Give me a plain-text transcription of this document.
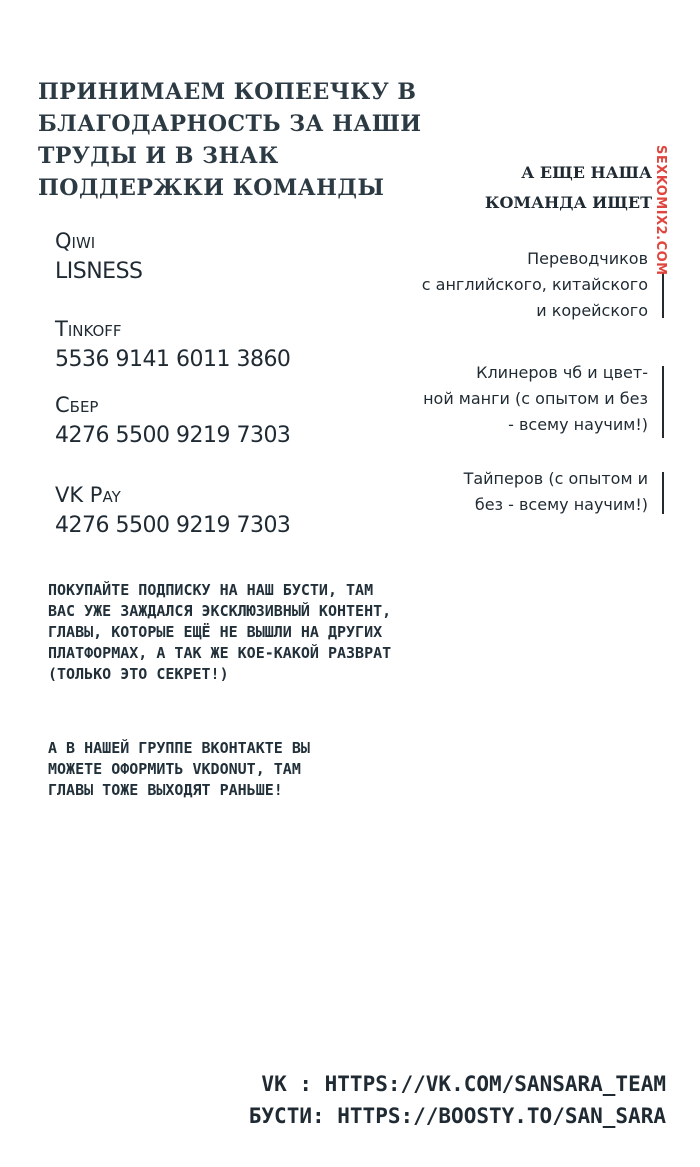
ПРИНИМАЕМ КОПЕЕЧКУ В БЛАГОДАРНОСТЬ ЗА НАШИ ТРУДЫ И В ЗНАК ПОДДЕРЖКИ КОМАНДЫ
Qiwi
LISNESS
Tinkoff
5536 9141 6011 3860
Сбер
4276 5500 9219 7303
VK Pay
4276 5500 9219 7303

ПОКУПАЙТЕ ПОДПИСКУ НА НАШ БУСТИ, ТАМ ВАС УЖЕ ЗАЖДАЛСЯ ЭКСКЛЮЗИВНЫЙ КОНТЕНТ, ГЛАВЫ, КОТОРЫЕ ЕЩЁ НЕ ВЫШЛИ НА ДРУГИХ ПЛАТФОРМАХ, А ТАК ЖЕ КОЕ-КАКОЙ РАЗВРАТ (ТОЛЬКО ЭТО СЕКРЕТ!)

А В НАШЕЙ ГРУППЕ ВКОНТАКТЕ ВЫ МОЖЕТЕ ОФОРМИТЬ VKDONUT, ТАМ ГЛАВЫ ТОЖЕ ВЫХОДЯТ РАНЬШЕ!

А ЕЩЕ НАША
КОМАНДА ИЩЕТ
Переводчиков
с английского, китайского
и корейского
Клинеров чб и цвет-
ной манги (с опытом и без
- всему научим!)
Тайперов (с опытом и
без - всему научим!)
SEXKOMIX2.COM
VK : HTTPS://VK.COM/SANSARA_TEAM
БУСТИ: HTTPS://BOOSTY.TO/SAN_SARA
